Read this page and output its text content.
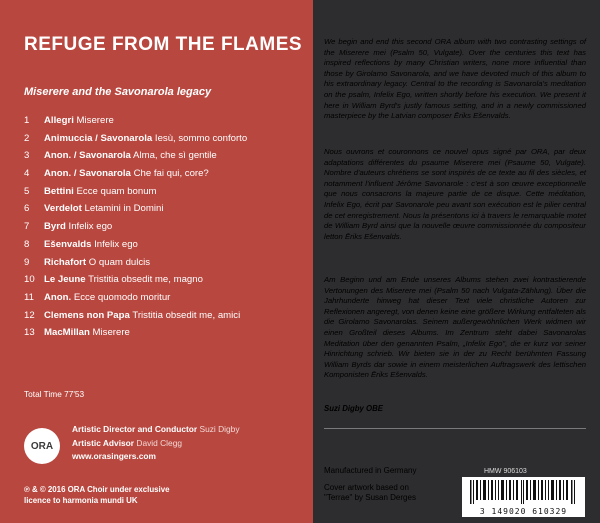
REFUGE FROM THE FLAMES
Miserere and the Savonarola legacy
1 Allegri Miserere
2 Animuccia / Savonarola Iesù, sommo conforto
3 Anon. / Savonarola Alma, che sì gentile
4 Anon. / Savonarola Che fai qui, core?
5 Bettini Ecce quam bonum
6 Verdelot Letamini in Domini
7 Byrd Infelix ego
8 Ešenvalds Infelix ego
9 Richafort O quam dulcis
10 Le Jeune Tristitia obsedit me, magno
11 Anon. Ecce quomodo moritur
12 Clemens non Papa Tristitia obsedit me, amici
13 MacMillan Miserere
Total Time 77'53
ORA
Artistic Director and Conductor Suzi Digby
Artistic Advisor David Clegg
www.orasingers.com
℗ & © 2016 ORA Choir under exclusive
licence to harmonia mundi UK

We begin and end this second ORA album with two contrasting settings of the Miserere mei (Psalm 50, Vulgate). Over the centuries this text has inspired reflections by many Christian writers, none more influential than those by Girolamo Savonarola, and we have devoted much of this album to his extraordinary legacy. Central to the recording is Savonarola's meditation on the psalm, Infelix Ego, written shortly before his execution. We present it here in William Byrd's justly famous setting, and in a newly commissioned masterpiece by the Latvian composer Ēriks Ešenvalds.

Nous ouvrons et couronnons ce nouvel opus signé par ORA, par deux adaptations différentes du psaume Miserere mei (Psaume 50, Vulgate). Nombre d'auteurs chrétiens se sont inspirés de ce texte au fil des siècles, et notamment l'influent Jérôme Savonarole : c'est à son œuvre exceptionnelle que nous consacrons la majeure partie de ce disque. Cette méditation, Infelix Ego, écrit par Savonarole peu avant son exécution est le pilier central de cet enregistrement. Nous la présentons ici à travers le remarquable motet de William Byrd ainsi que la nouvelle œuvre commissionnée du compositeur letton Ēriks Ešenvalds.

Am Beginn und am Ende unseres Albums stehen zwei kontrastierende Vertonungen des Miserere mei (Psalm 50 nach Vulgata-Zählung). Über die Jahrhunderte hinweg hat dieser Text viele christliche Autoren zur Reflexionen angeregt, von denen keine eine größere Wirkung entfalteten als die Girolamo Savonarolas. Seinem außergewöhnlichen Werk widmen wir einen Großteil dieses Albums. Im Zentrum steht dabei Savonarolas Meditation über den genannten Psalm, „Infelix Ego", die er kurz vor seiner Hinrichtung schrieb. Wir bieten sie in der zu Recht berühmten Fassung William Byrds dar sowie in einem meisterlichen Auftragswerk des lettischen Komponisten Ēriks Ešenvalds.

Suzi Digby OBE
Manufactured in Germany
Cover artwork based on
"Terrae" by Susan Derges
HMW 906103
3 149020 610329
